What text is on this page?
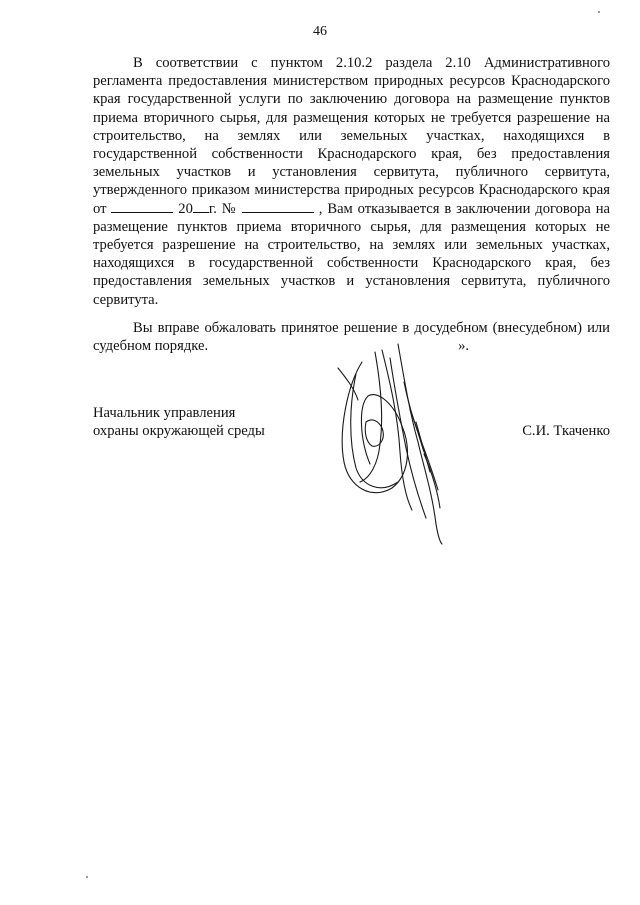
46

В соответствии с пунктом 2.10.2 раздела 2.10 Административного регламента предоставления министерством природных ресурсов Краснодарского края государственной услуги по заключению договора на размещение пунктов приема вторичного сырья, для размещения которых не требуется разрешение на строительство, на землях или земельных участках, находящихся в государственной собственности Краснодарского края, без предоставления земельных участков и установления сервитута, публичного сервитута, утвержденного приказом министерства природных ресурсов Краснодарского края от	20 г. №	, Вам отказывается в заключении договора на размещение пунктов приема вторичного сырья, для размещения которых не требуется разрешение на строительство, на землях или земельных участках, находящихся в государственной собственности Краснодарского края, без предоставления земельных участков и установления сервитута, публичного сервитута.

Вы вправе обжаловать принятое решение в досудебном (внесудебном) или судебном порядке.	».

Начальник управления
охраны окружающей среды	С.И. Ткаченко
